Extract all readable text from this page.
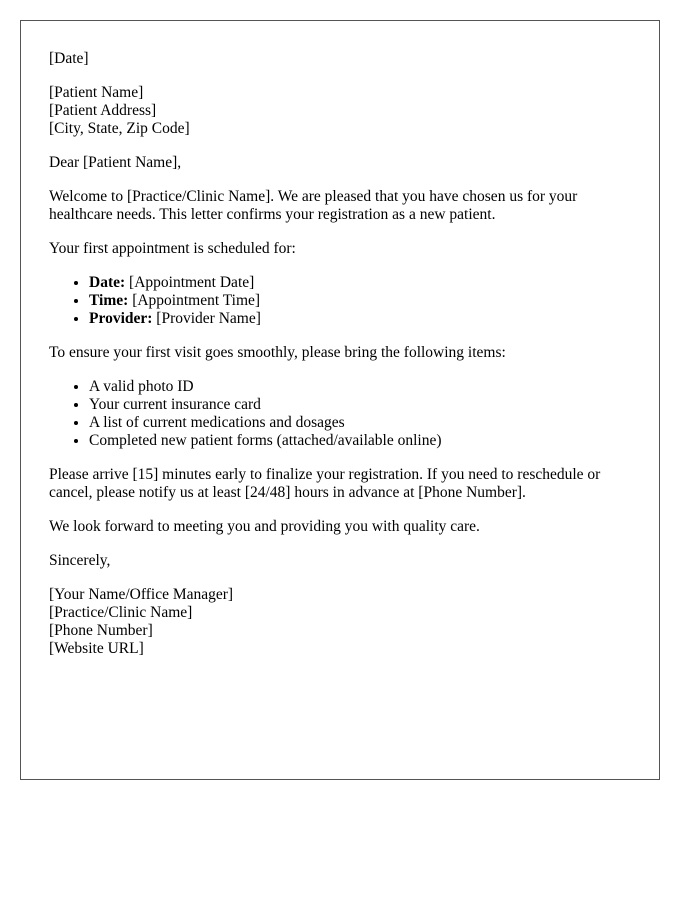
[Date]

[Patient Name]
[Patient Address]
[City, State, Zip Code]

Dear [Patient Name],

Welcome to [Practice/Clinic Name]. We are pleased that you have chosen us for your healthcare needs. This letter confirms your registration as a new patient.

Your first appointment is scheduled for:

• Date: [Appointment Date]
• Time: [Appointment Time]
• Provider: [Provider Name]

To ensure your first visit goes smoothly, please bring the following items:

• A valid photo ID
• Your current insurance card
• A list of current medications and dosages
• Completed new patient forms (attached/available online)

Please arrive [15] minutes early to finalize your registration. If you need to reschedule or cancel, please notify us at least [24/48] hours in advance at [Phone Number].

We look forward to meeting you and providing you with quality care.

Sincerely,

[Your Name/Office Manager]
[Practice/Clinic Name]
[Phone Number]
[Website URL]
